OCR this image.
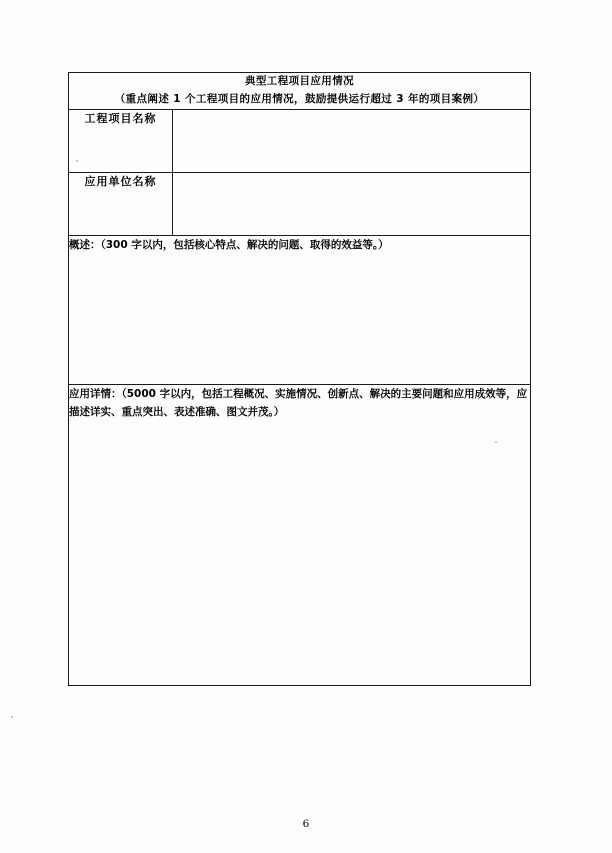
典型工程项目应用情况
（重点阐述 1 个工程项目的应用情况，鼓励提供运行超过 3 年的项目案例）	

工程项目名称	
应用单位名称	

概述：（300 字以内，包括核心特点、解决的问题、取得的效益等。）	

应用详情：（5000 字以内，包括工程概况、实施情况、创新点、解决的主要问题和应用成效等，应描述详实、重点突出、表述准确、图文并茂。）	
6
